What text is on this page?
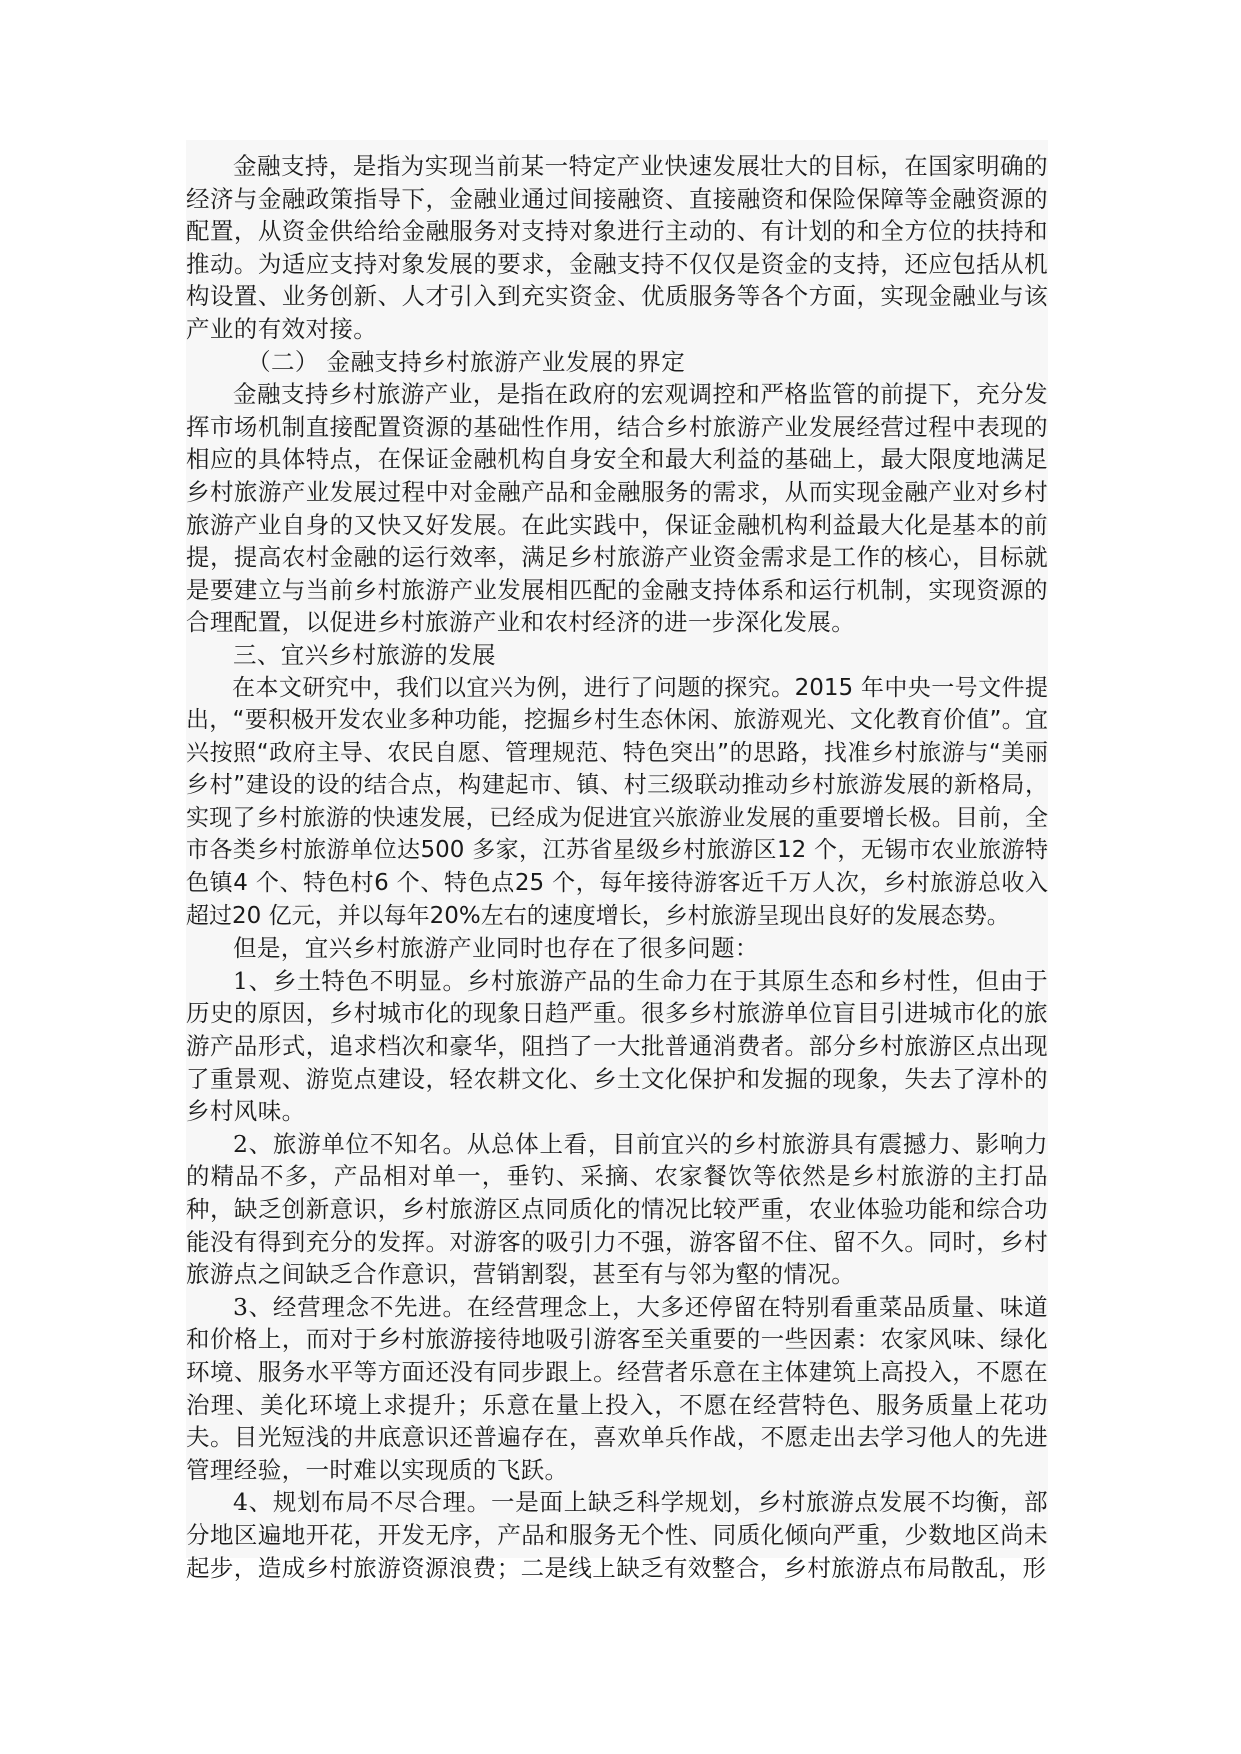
金融支持，是指为实现当前某一特定产业快速发展壮大的目标，在国家明确的经济与金融政策指导下，金融业通过间接融资、直接融资和保险保障等金融资源的配置，从资金供给给金融服务对支持对象进行主动的、有计划的和全方位的扶持和推动。为适应支持对象发展的要求，金融支持不仅仅是资金的支持，还应包括从机构设置、业务创新、人才引入到充实资金、优质服务等各个方面，实现金融业与该产业的有效对接。

（二） 金融支持乡村旅游产业发展的界定

金融支持乡村旅游产业，是指在政府的宏观调控和严格监管的前提下，充分发挥市场机制直接配置资源的基础性作用，结合乡村旅游产业发展经营过程中表现的相应的具体特点，在保证金融机构自身安全和最大利益的基础上，最大限度地满足乡村旅游产业发展过程中对金融产品和金融服务的需求，从而实现金融产业对乡村旅游产业自身的又快又好发展。在此实践中，保证金融机构利益最大化是基本的前提，提高农村金融的运行效率，满足乡村旅游产业资金需求是工作的核心，目标就是要建立与当前乡村旅游产业发展相匹配的金融支持体系和运行机制，实现资源的合理配置，以促进乡村旅游产业和农村经济的进一步深化发展。

三、宜兴乡村旅游的发展

在本文研究中，我们以宜兴为例，进行了问题的探究。2015 年中央一号文件提出，“要积极开发农业多种功能，挖掘乡村生态休闲、旅游观光、文化教育价值”。宜兴按照“政府主导、农民自愿、管理规范、特色突出”的思路，找准乡村旅游与“美丽乡村”建设的设的结合点，构建起市、镇、村三级联动推动乡村旅游发展的新格局，实现了乡村旅游的快速发展，已经成为促进宜兴旅游业发展的重要增长极。目前，全市各类乡村旅游单位达500 多家，江苏省星级乡村旅游区12 个，无锡市农业旅游特色镇4 个、特色村6 个、特色点25 个，每年接待游客近千万人次，乡村旅游总收入超过20 亿元，并以每年20%左右的速度增长，乡村旅游呈现出良好的发展态势。

但是，宜兴乡村旅游产业同时也存在了很多问题：

1、乡土特色不明显。乡村旅游产品的生命力在于其原生态和乡村性，但由于历史的原因，乡村城市化的现象日趋严重。很多乡村旅游单位盲目引进城市化的旅游产品形式，追求档次和豪华，阻挡了一大批普通消费者。部分乡村旅游区点出现了重景观、游览点建设，轻农耕文化、乡土文化保护和发掘的现象，失去了淳朴的乡村风味。

2、旅游单位不知名。从总体上看，目前宜兴的乡村旅游具有震撼力、影响力的精品不多，产品相对单一，垂钓、采摘、农家餐饮等依然是乡村旅游的主打品种，缺乏创新意识，乡村旅游区点同质化的情况比较严重，农业体验功能和综合功能没有得到充分的发挥。对游客的吸引力不强，游客留不住、留不久。同时，乡村旅游点之间缺乏合作意识，营销割裂，甚至有与邻为壑的情况。

3、经营理念不先进。在经营理念上，大多还停留在特别看重菜品质量、味道和价格上，而对于乡村旅游接待地吸引游客至关重要的一些因素：农家风味、绿化环境、服务水平等方面还没有同步跟上。经营者乐意在主体建筑上高投入，不愿在治理、美化环境上求提升；乐意在量上投入，不愿在经营特色、服务质量上花功夫。目光短浅的井底意识还普遍存在，喜欢单兵作战，不愿走出去学习他人的先进管理经验，一时难以实现质的飞跃。

4、规划布局不尽合理。一是面上缺乏科学规划，乡村旅游点发展不均衡，部分地区遍地开花，开发无序，产品和服务无个性、同质化倾向严重，少数地区尚未起步，造成乡村旅游资源浪费；二是线上缺乏有效整合，乡村旅游点布局散乱，形
